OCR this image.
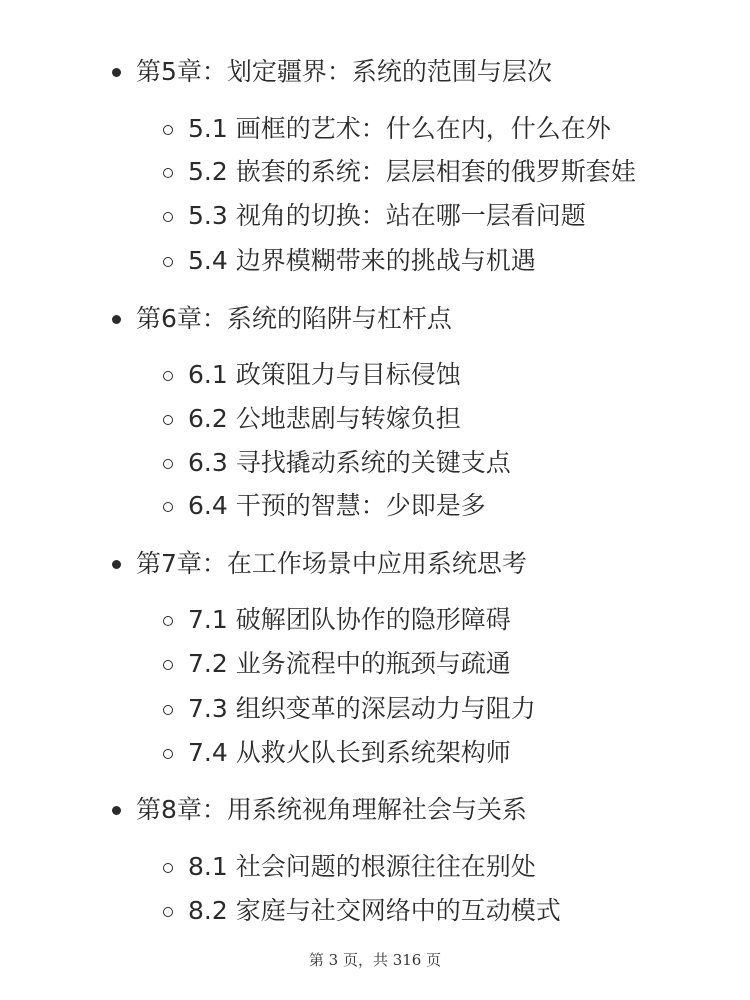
第5章：划定疆界：系统的范围与层次
5.1 画框的艺术：什么在内，什么在外
5.2 嵌套的系统：层层相套的俄罗斯套娃
5.3 视角的切换：站在哪一层看问题
5.4 边界模糊带来的挑战与机遇
第6章：系统的陷阱与杠杆点
6.1 政策阻力与目标侵蚀
6.2 公地悲剧与转嫁负担
6.3 寻找撬动系统的关键支点
6.4 干预的智慧：少即是多
第7章：在工作场景中应用系统思考
7.1 破解团队协作的隐形障碍
7.2 业务流程中的瓶颈与疏通
7.3 组织变革的深层动力与阻力
7.4 从救火队长到系统架构师
第8章：用系统视角理解社会与关系
8.1 社会问题的根源往往在别处
8.2 家庭与社交网络中的互动模式
第 3 页，共 316 页
